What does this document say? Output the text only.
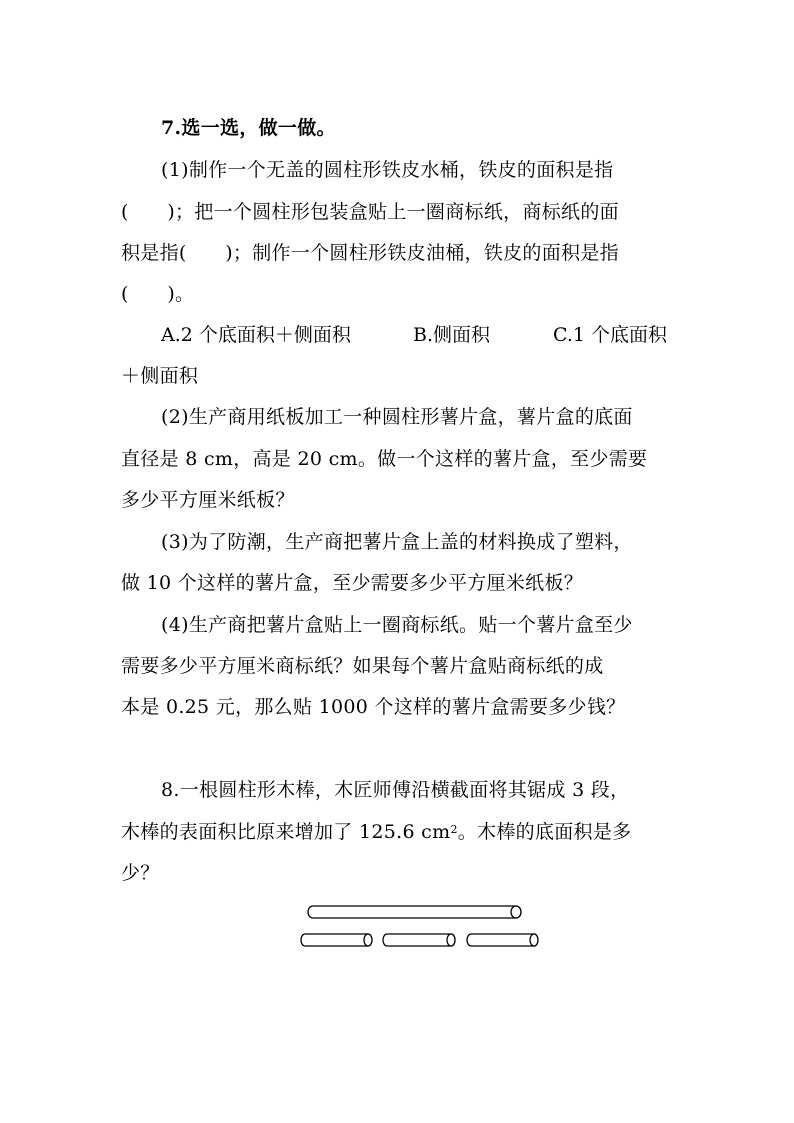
7.选一选，做一做。
(1)制作一个无盖的圆柱形铁皮水桶，铁皮的面积是指
(　　)；把一个圆柱形包装盒贴上一圈商标纸，商标纸的面
积是指(　　)；制作一个圆柱形铁皮油桶，铁皮的面积是指
(　　)。
A.2 个底面积＋侧面积	B.侧面积	C.1 个底面积
＋侧面积
(2)生产商用纸板加工一种圆柱形薯片盒，薯片盒的底面
直径是 8 cm，高是 20 cm。做一个这样的薯片盒，至少需要
多少平方厘米纸板？
(3)为了防潮，生产商把薯片盒上盖的材料换成了塑料，
做 10 个这样的薯片盒，至少需要多少平方厘米纸板？
(4)生产商把薯片盒贴上一圈商标纸。贴一个薯片盒至少
需要多少平方厘米商标纸？如果每个薯片盒贴商标纸的成
本是 0.25 元，那么贴 1000 个这样的薯片盒需要多少钱？
8.一根圆柱形木棒，木匠师傅沿横截面将其锯成 3 段，
木棒的表面积比原来增加了 125.6 $cm^2$。木棒的底面积是多
少？
